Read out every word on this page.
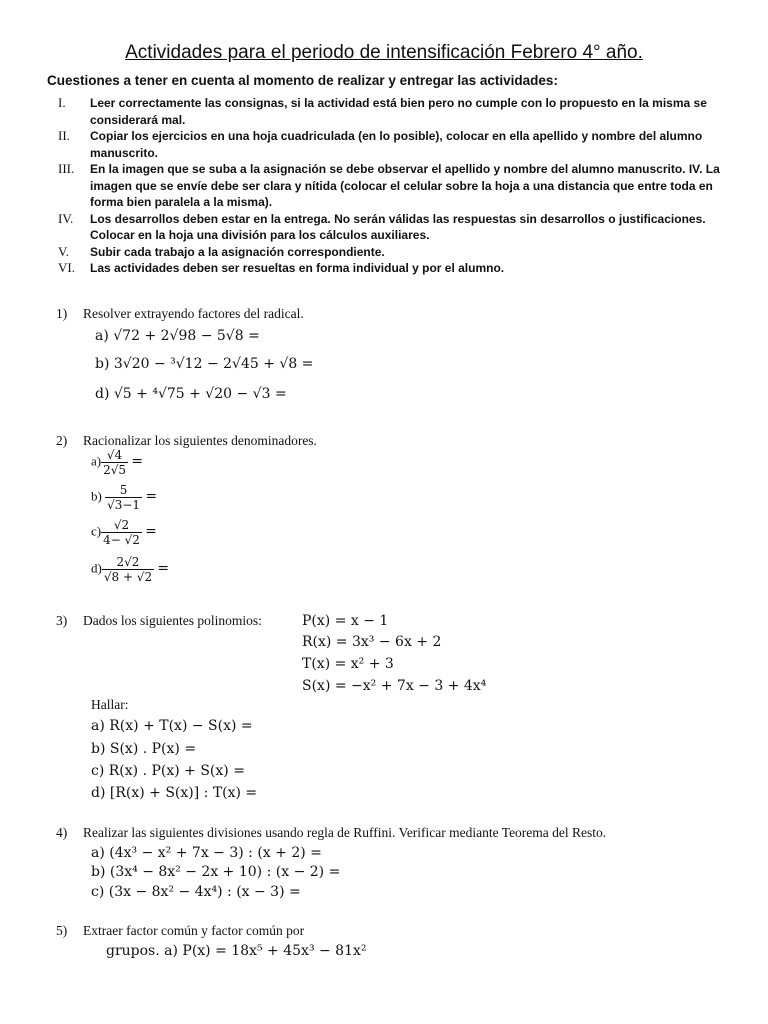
Actividades para el periodo de intensificación Febrero 4° año.
Cuestiones a tener en cuenta al momento de realizar y entregar las actividades:
I.	Leer correctamente las consignas, si la actividad está bien pero no cumple con lo propuesto en la misma se considerará mal.
II.	Copiar los ejercicios en una hoja cuadriculada (en lo posible), colocar en ella apellido y nombre del alumno manuscrito.
III.	En la imagen que se suba a la asignación se debe observar el apellido y nombre del alumno manuscrito. IV. La imagen que se envíe debe ser clara y nítida (colocar el celular sobre la hoja a una distancia que entre toda en forma bien paralela a la misma).
IV.	Los desarrollos deben estar en la entrega. No serán válidas las respuestas sin desarrollos o justificaciones. Colocar en la hoja una división para los cálculos auxiliares.
V.	Subir cada trabajo a la asignación correspondiente.
VI.	Las actividades deben ser resueltas en forma individual y por el alumno.
1)	Resolver extrayendo factores del radical.
a) √72 + 2√98 − 5√8 =
b) 3√20 − ³√12 − 2√45 + √8 =
d) √5 + ⁴√75 + √20 − √3 =
2)	Racionalizar los siguientes denominadores.
$a) \frac{√4}{2√5}$ =
$b) \frac{5}{√3-1}$ =
$c) \frac{√2}{4- √2}$ =
$d) \frac{2√2}{√8 + √2}$ =
3)	Dados los siguientes polinomios:	P(x) = x − 1
R(x) = 3x³ − 6x + 2
T(x) = x² + 3
S(x) = −x² + 7x − 3 + 4x⁴
Hallar:
a) R(x) + T(x) − S(x) =
b) S(x) . P(x) =
c) R(x) . P(x) + S(x) =
d) [R(x) + S(x)] : T(x) =
4)	Realizar las siguientes divisiones usando regla de Ruffini. Verificar mediante Teorema del Resto.
a) (4x³ − x² + 7x − 3) : (x + 2) =
b) (3x⁴ − 8x² − 2x + 10) : (x − 2) =
c) (3x − 8x² − 4x⁴) : (x − 3) =
5)	Extraer factor común y factor común por
grupos. a) P(x) = 18x⁵ + 45x³ − 81x²
